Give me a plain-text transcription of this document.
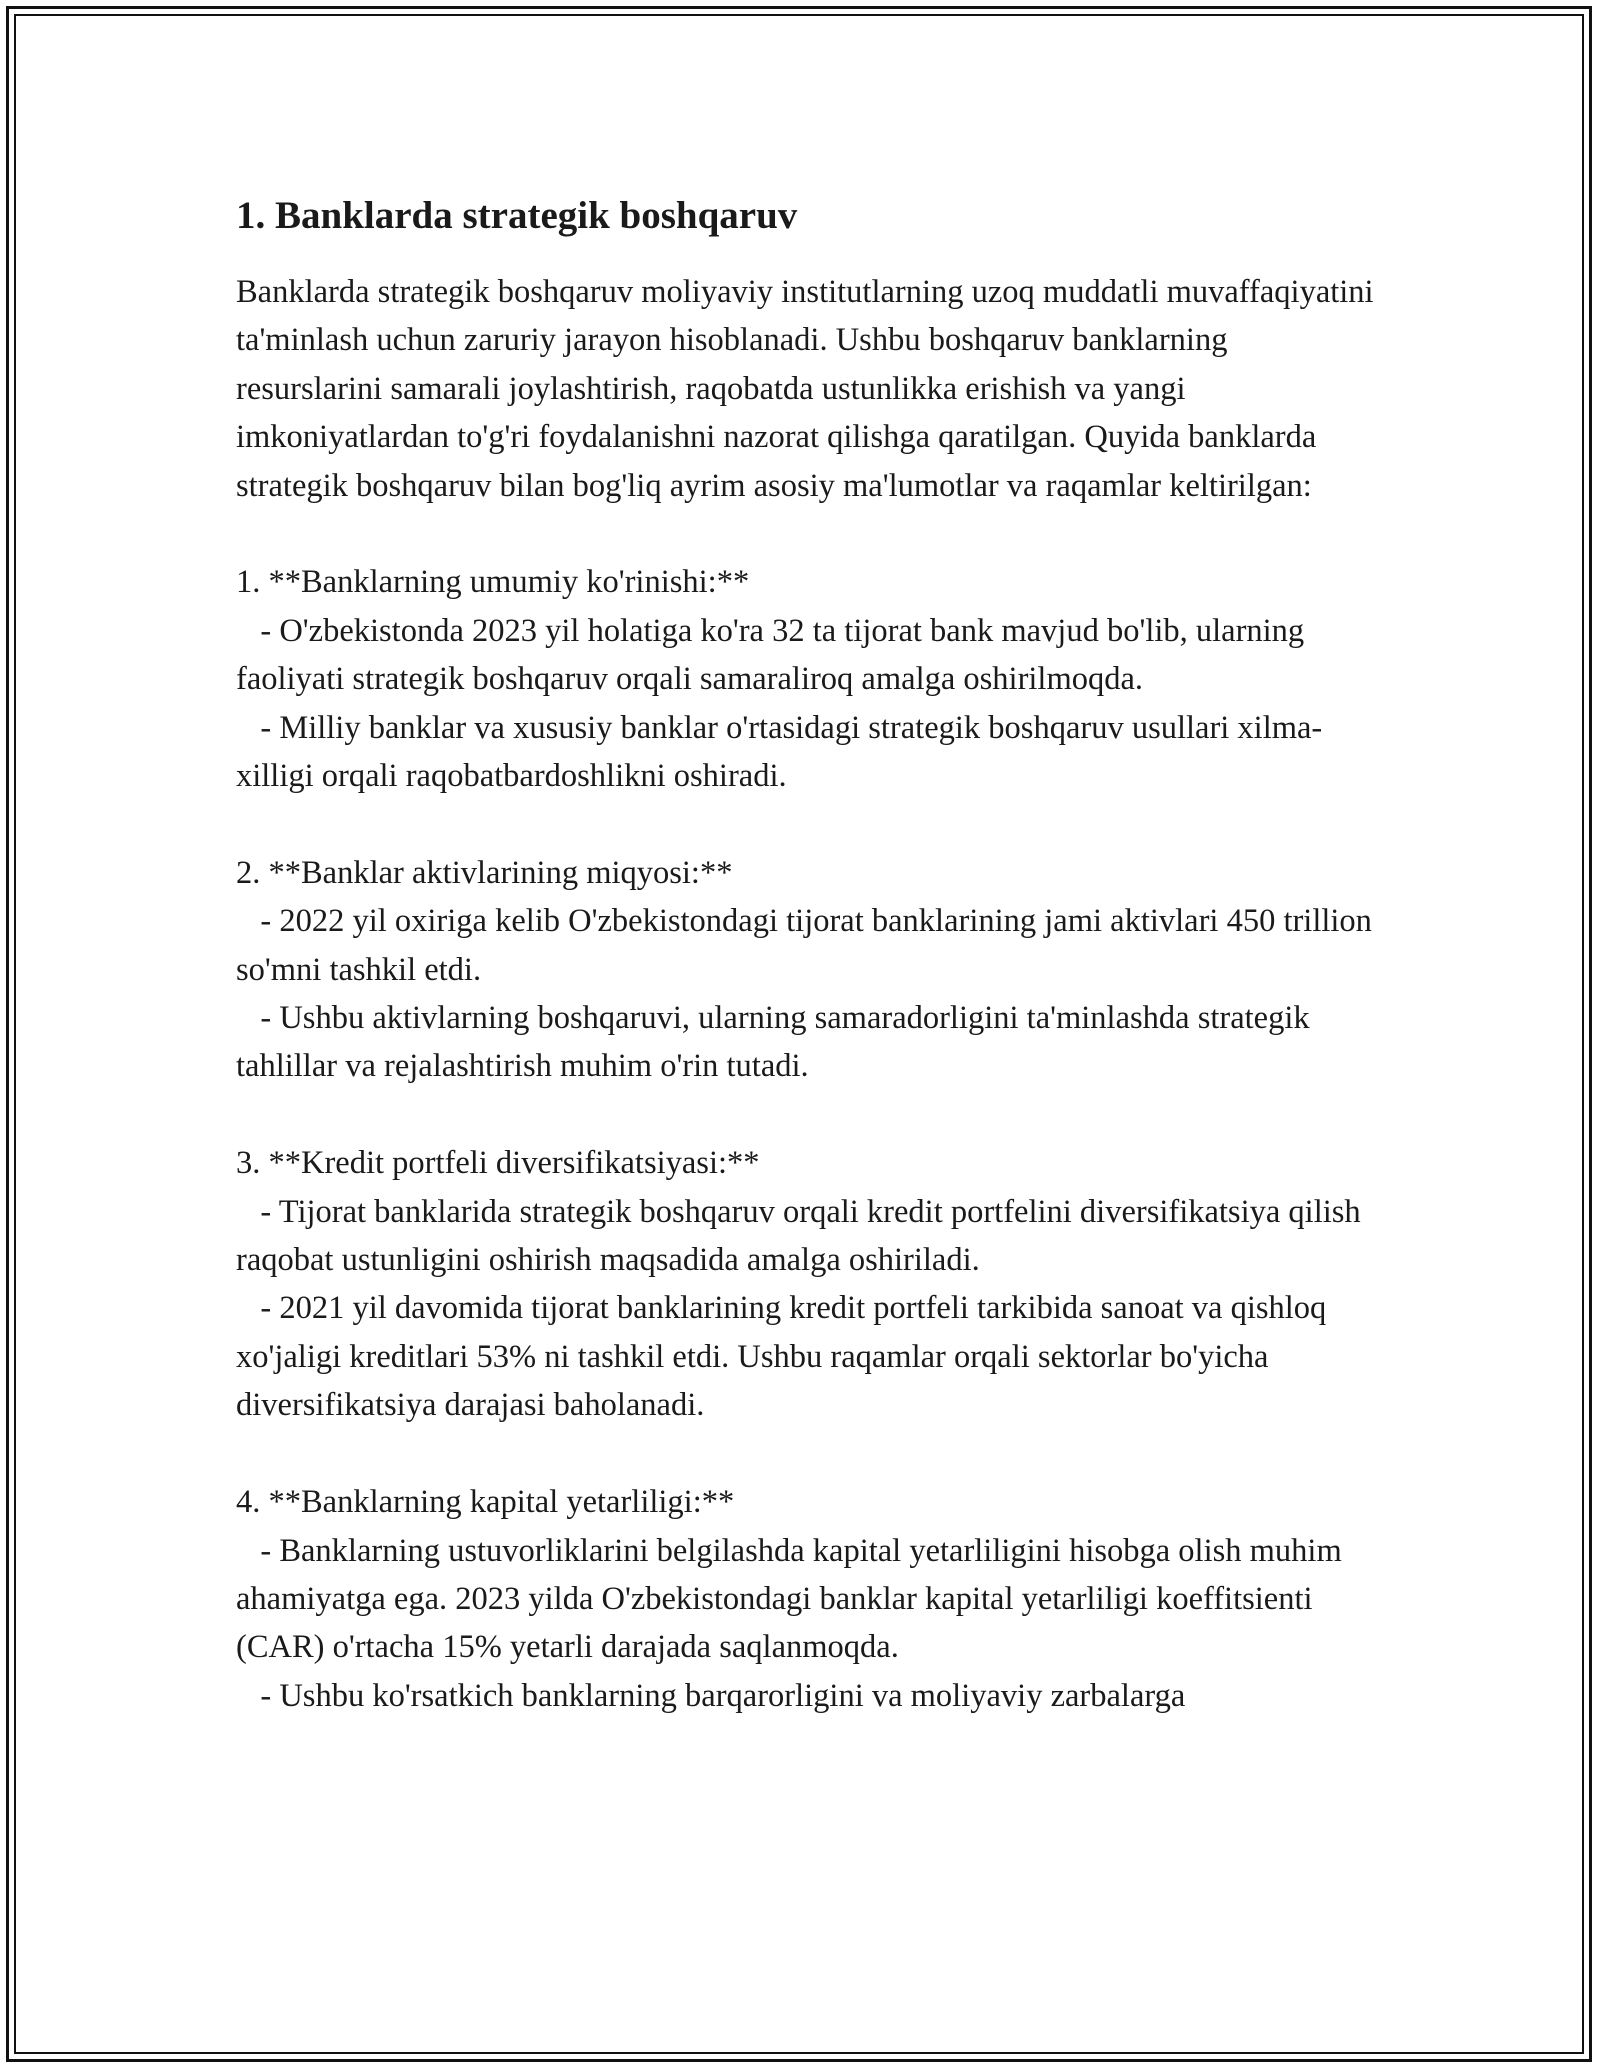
1. Banklarda strategik boshqaruv

Banklarda strategik boshqaruv moliyaviy institutlarning uzoq muddatli muvaffaqiyatini ta'minlash uchun zaruriy jarayon hisoblanadi. Ushbu boshqaruv banklarning resurslarini samarali joylashtirish, raqobatda ustunlikka erishish va yangi imkoniyatlardan to'g'ri foydalanishni nazorat qilishga qaratilgan. Quyida banklarda strategik boshqaruv bilan bog'liq ayrim asosiy ma'lumotlar va raqamlar keltirilgan:

1. **Banklarning umumiy ko'rinishi:**

- O'zbekistonda 2023 yil holatiga ko'ra 32 ta tijorat bank mavjud bo'lib, ularning faoliyati strategik boshqaruv orqali samaraliroq amalga oshirilmoqda.

- Milliy banklar va xususiy banklar o'rtasidagi strategik boshqaruv usullari xilma-xilligi orqali raqobatbardoshlikni oshiradi.

2. **Banklar aktivlarining miqyosi:**

- 2022 yil oxiriga kelib O'zbekistondagi tijorat banklarining jami aktivlari 450 trillion so'mni tashkil etdi.

- Ushbu aktivlarning boshqaruvi, ularning samaradorligini ta'minlashda strategik tahlillar va rejalashtirish muhim o'rin tutadi.

3. **Kredit portfeli diversifikatsiyasi:**

- Tijorat banklarida strategik boshqaruv orqali kredit portfelini diversifikatsiya qilish raqobat ustunligini oshirish maqsadida amalga oshiriladi.

- 2021 yil davomida tijorat banklarining kredit portfeli tarkibida sanoat va qishloq xo'jaligi kreditlari 53% ni tashkil etdi. Ushbu raqamlar orqali sektorlar bo'yicha diversifikatsiya darajasi baholanadi.

4. **Banklarning kapital yetarliligi:**

- Banklarning ustuvorliklarini belgilashda kapital yetarliligini hisobga olish muhim ahamiyatga ega. 2023 yilda O'zbekistondagi banklar kapital yetarliligi koeffitsienti (CAR) o'rtacha 15% yetarli darajada saqlanmoqda.

- Ushbu ko'rsatkich banklarning barqarorligini va moliyaviy zarbalarga
